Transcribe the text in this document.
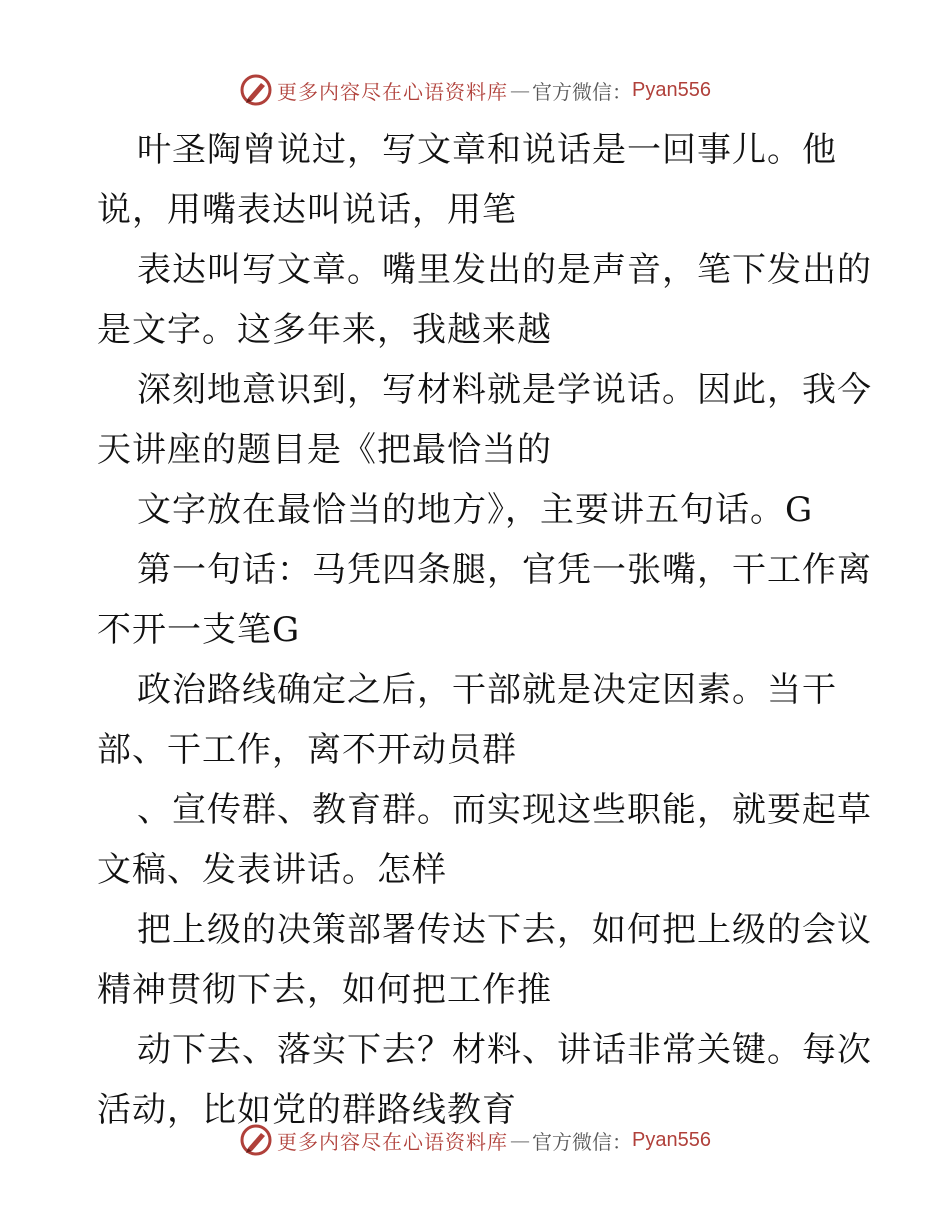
更多内容尽在心语资料库 — 官方微信： Pyan556
叶圣陶曾说过，写文章和说话是一回事儿。他
说，用嘴表达叫说话，用笔
表达叫写文章。嘴里发出的是声音，笔下发出的
是文字。这多年来，我越来越
深刻地意识到，写材料就是学说话。因此，我今
天讲座的题目是《把最恰当的
文字放在最恰当的地方》，主要讲五句话。G
第一句话：马凭四条腿，官凭一张嘴，干工作离
不开一支笔G
政治路线确定之后，干部就是决定因素。当干
部、干工作，离不开动员群
、宣传群、教育群。而实现这些职能，就要起草
文稿、发表讲话。怎样
把上级的决策部署传达下去，如何把上级的会议
精神贯彻下去，如何把工作推
动下去、落实下去？材料、讲话非常关键。每次
活动，比如党的群路线教育
更多内容尽在心语资料库 — 官方微信： Pyan556
